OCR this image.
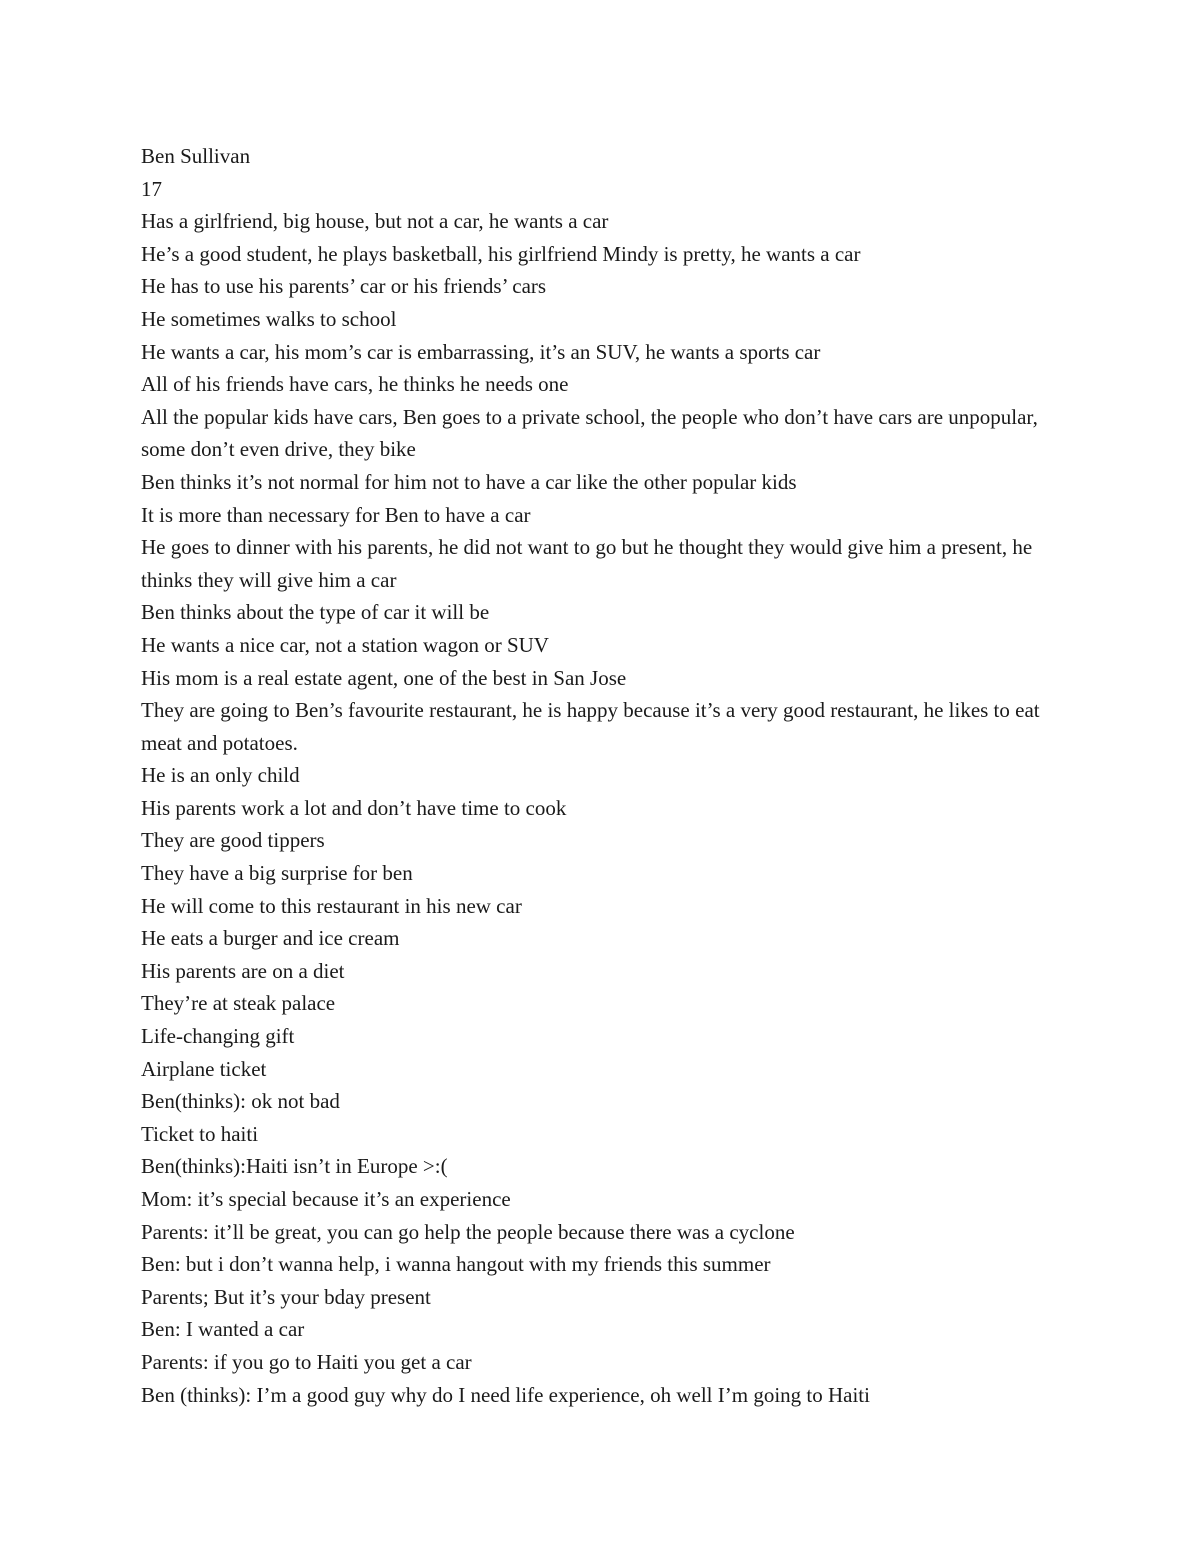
Ben Sullivan

17

Has a girlfriend, big house, but not a car, he wants a car

He’s a good student, he plays basketball, his girlfriend Mindy is pretty, he wants a car

He has to use his parents’ car or his friends’ cars

He sometimes walks to school

He wants a car, his mom’s car is embarrassing, it’s an SUV, he wants a sports car

All of his friends have cars, he thinks he needs one

All the popular kids have cars, Ben goes to a private school, the people who don’t have cars are unpopular, some don’t even drive, they bike

Ben thinks it’s not normal for him not to have a car like the other popular kids

It is more than necessary for Ben to have a car

He goes to dinner with his parents, he did not want to go but he thought they would give him a present, he thinks they will give him a car

Ben thinks about the type of car it will be

He wants a nice car, not a station wagon or SUV

His mom is a real estate agent, one of the best in San Jose

They are going to Ben’s favourite restaurant, he is happy because it’s a very good restaurant, he likes to eat meat and potatoes.

He is an only child

His parents work a lot and don’t have time to cook

They are good tippers

They have a big surprise for ben

He will come to this restaurant in his new car

He eats a burger and ice cream

His parents are on a diet

They’re at steak palace

Life-changing gift

Airplane ticket

Ben(thinks): ok not bad

Ticket to haiti

Ben(thinks):Haiti isn’t in Europe >:(

Mom: it’s special because it’s an experience

Parents: it’ll be great, you can go help the people because there was a cyclone

Ben: but i don’t wanna help, i wanna hangout with my friends this summer

Parents; But it’s your bday present

Ben: I wanted a car

Parents: if you go to Haiti you get a car

Ben (thinks): I’m a good guy why do I need life experience, oh well I’m going to Haiti
